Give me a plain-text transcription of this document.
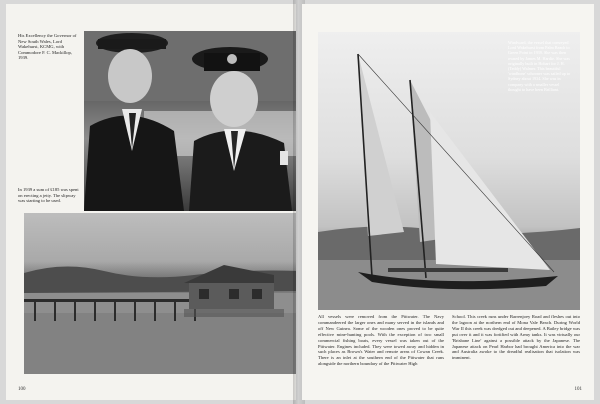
His Excellency the Governor of New South Wales, Lord Wakehurst, KCMG, with Commodore F. C. Mackillop, 1939.
In 1939 a sum of £185 was spent on erecting a jetty. The slipway was starting to be used.
100
Windward, the vessel that conveyed Lord Wakehurst from Palm Beach to Green Point in 1939. She was then owned by James M. Hardie. She was originally built in Hobart for J. H. (Teddy) Walmer. This beautiful 'windbone' schooner was sailed up to Sydney about 1934. She was in company with a smaller vessel thought to have been Brilliant.
All vessels were removed from the Pittwater. The Navy commandeered the larger ones and many served in the islands and off New Guinea. Some of the wooden ones proved to be quite effective mine-hunting pools. With the exception of two small commercial fishing boats, every vessel was taken out of the Pittwater. Engines included. They were towed away and hidden in such places as Brown's Water and remote areas of Cowan Creek. There is an inlet at the southern end of the Pittwater that runs alongside the northern boundary of the Pittwater High
School. This creek runs under Barrenjoey Road and fleshes out into the lagoon at the northern end of Mona Vale Beach. During World War II this creek was dredged out and deepened. A Bailey bridge was put over it and it was fortified with Army tanks. It was virtually our 'Brisbane Line' against a possible attack by the Japanese. The Japanese attack on Pearl Harbor had brought America into the war and Australia awoke to the dreadful realisation that isolation was imminent.
101
